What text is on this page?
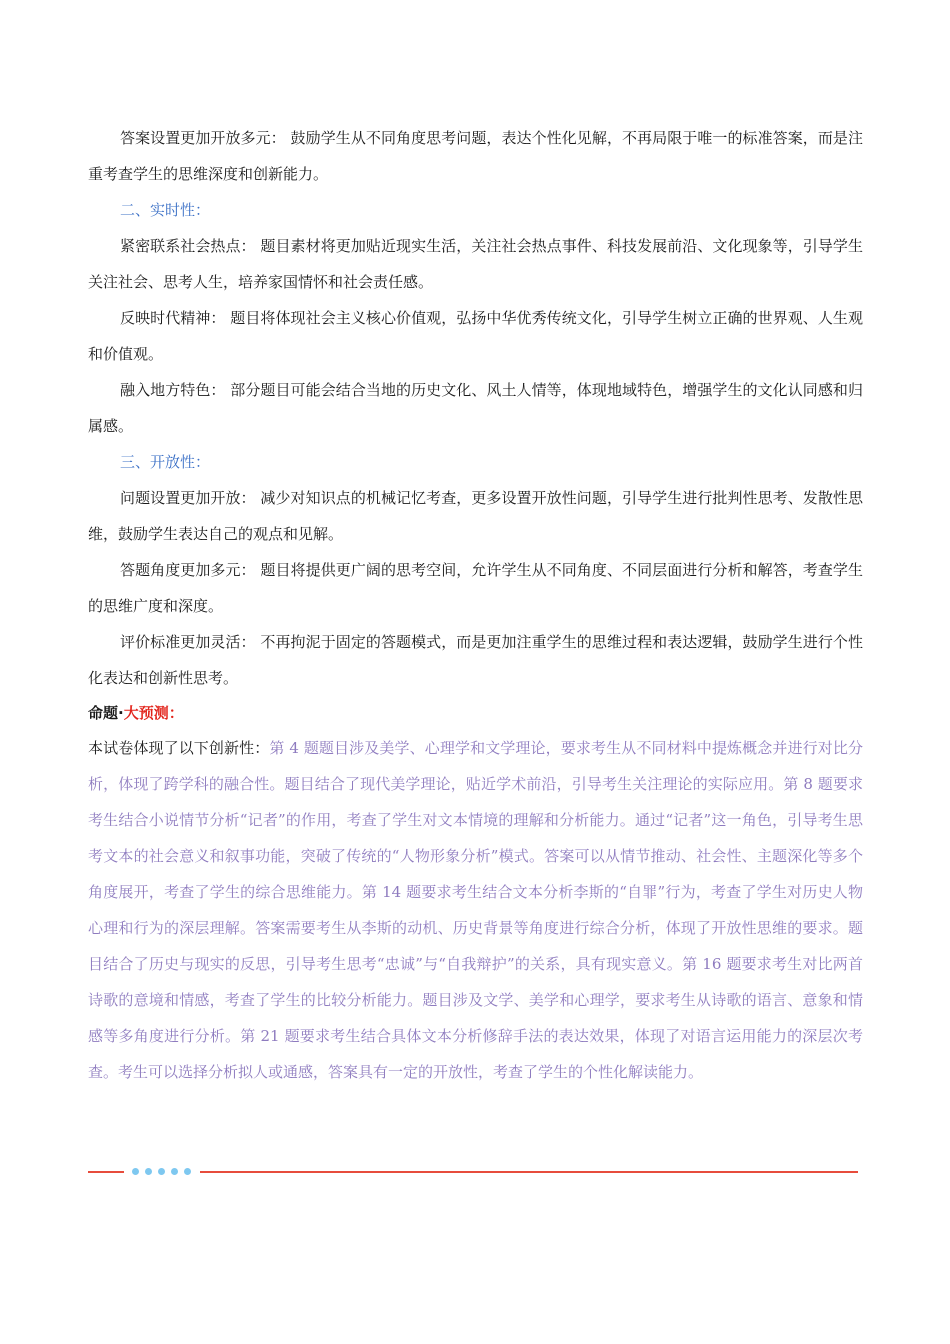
答案设置更加开放多元： 鼓励学生从不同角度思考问题，表达个性化见解，不再局限于唯一的标准答案，而是注重考查学生的思维深度和创新能力。

二、实时性：

紧密联系社会热点： 题目素材将更加贴近现实生活，关注社会热点事件、科技发展前沿、文化现象等，引导学生关注社会、思考人生，培养家国情怀和社会责任感。

反映时代精神： 题目将体现社会主义核心价值观，弘扬中华优秀传统文化，引导学生树立正确的世界观、人生观和价值观。

融入地方特色： 部分题目可能会结合当地的历史文化、风土人情等，体现地域特色，增强学生的文化认同感和归属感。

三、开放性：

问题设置更加开放： 减少对知识点的机械记忆考查，更多设置开放性问题，引导学生进行批判性思考、发散性思维，鼓励学生表达自己的观点和见解。

答题角度更加多元： 题目将提供更广阔的思考空间，允许学生从不同角度、不同层面进行分析和解答，考查学生的思维广度和深度。

评价标准更加灵活： 不再拘泥于固定的答题模式，而是更加注重学生的思维过程和表达逻辑，鼓励学生进行个性化表达和创新性思考。

命题·大预测：

本试卷体现了以下创新性：第 4 题题目涉及美学、心理学和文学理论，要求考生从不同材料中提炼概念并进行对比分析，体现了跨学科的融合性。题目结合了现代美学理论，贴近学术前沿，引导考生关注理论的实际应用。第 8 题要求考生结合小说情节分析“记者”的作用，考查了学生对文本情境的理解和分析能力。通过“记者”这一角色，引导考生思考文本的社会意义和叙事功能，突破了传统的“人物形象分析”模式。答案可以从情节推动、社会性、主题深化等多个角度展开，考查了学生的综合思维能力。第 14 题要求考生结合文本分析李斯的“自罪”行为，考查了学生对历史人物心理和行为的深层理解。答案需要考生从李斯的动机、历史背景等角度进行综合分析，体现了开放性思维的要求。题目结合了历史与现实的反思，引导考生思考“忠诚”与“自我辩护”的关系，具有现实意义。第 16 题要求考生对比两首诗歌的意境和情感，考查了学生的比较分析能力。题目涉及文学、美学和心理学，要求考生从诗歌的语言、意象和情感等多角度进行分析。第 21 题要求考生结合具体文本分析修辞手法的表达效果，体现了对语言运用能力的深层次考查。考生可以选择分析拟人或通感，答案具有一定的开放性，考查了学生的个性化解读能力。
